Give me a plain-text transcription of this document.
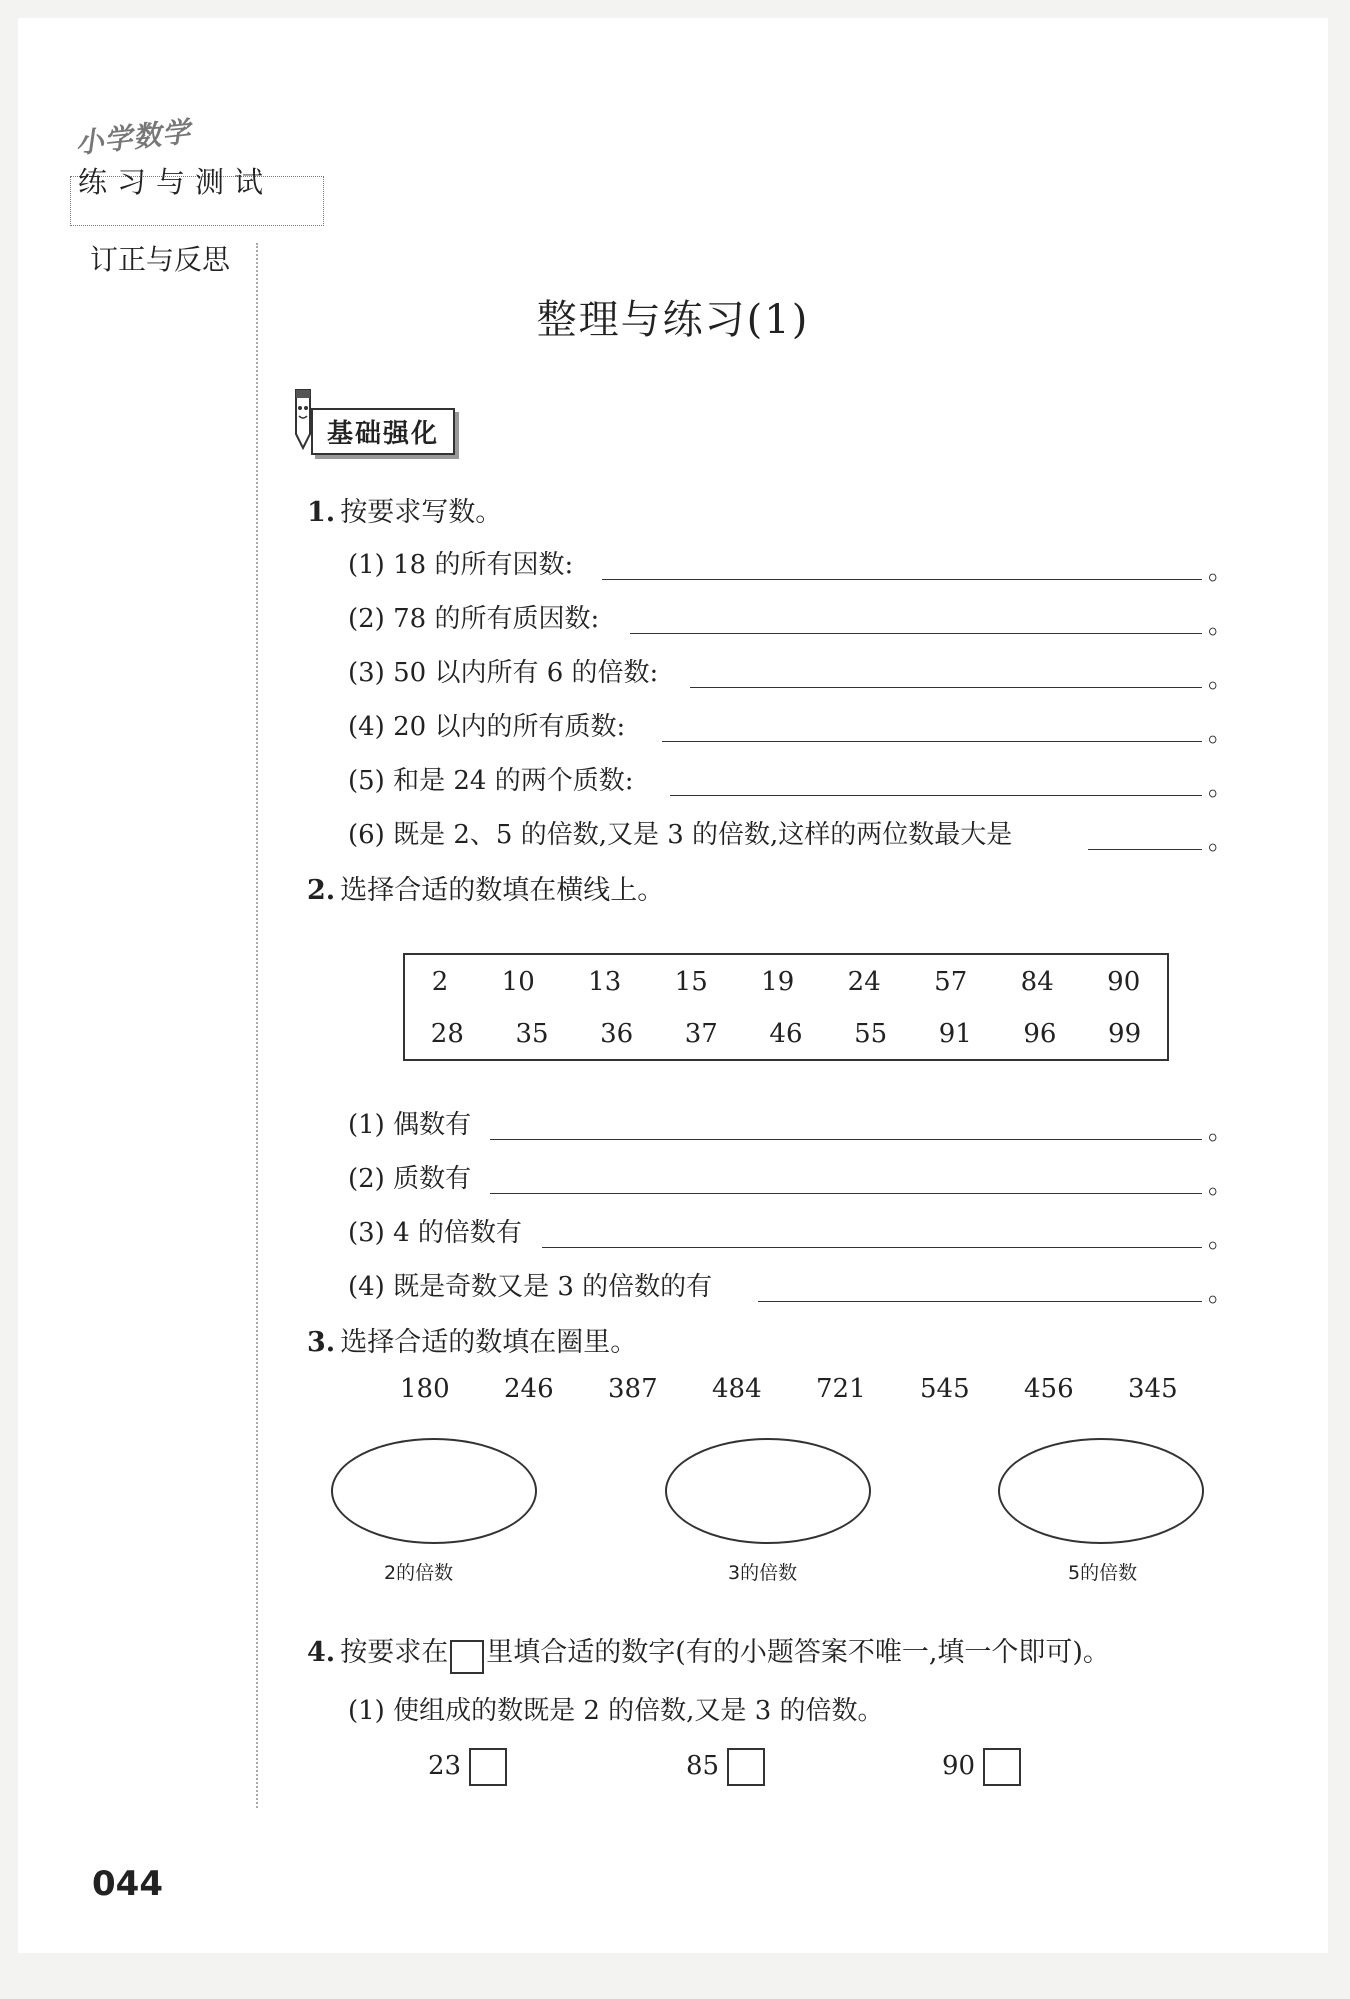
小学数学
练习与测试
订正与反思
整理与练习(1)
基础强化
1. 按要求写数。
(1) 18 的所有因数:	。
(2) 78 的所有质因数:	。
(3) 50 以内所有 6 的倍数:	。
(4) 20 以内的所有质数:	。
(5) 和是 24 的两个质数:	。
(6) 既是 2、5 的倍数,又是 3 的倍数,这样的两位数最大是	。
2. 选择合适的数填在横线上。
2 10 13 15 19 24 57 84 90
28 35 36 37 46 55 91 96 99
(1) 偶数有	。
(2) 质数有	。
(3) 4 的倍数有	。
(4) 既是奇数又是 3 的倍数的有	。
3. 选择合适的数填在圈里。
180 246 387 484 721 545 456 345
2的倍数	3的倍数	5的倍数
4. 按要求在 里填合适的数字(有的小题答案不唯一,填一个即可)。
(1) 使组成的数既是 2 的倍数,又是 3 的倍数。
23	85	90
044
